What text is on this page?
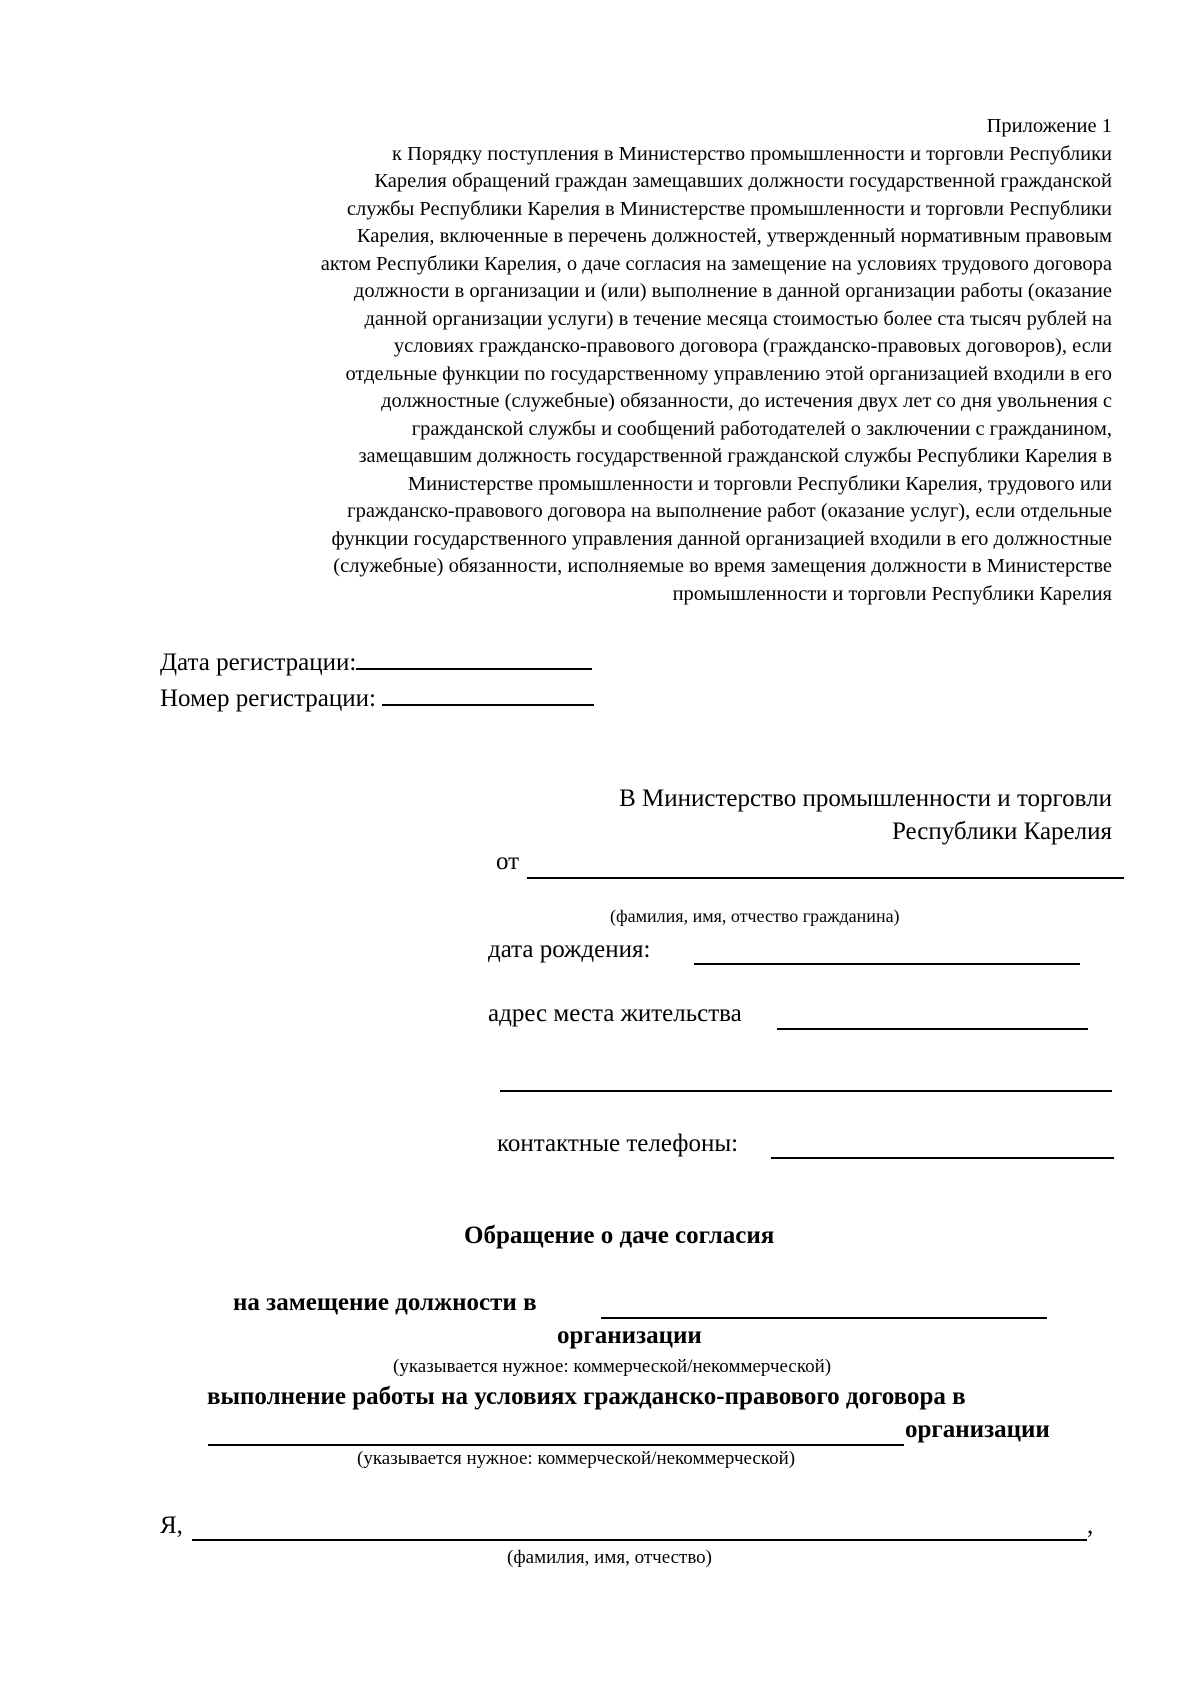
Приложение 1
к Порядку поступления в Министерство промышленности и торговли Республики
Карелия обращений граждан замещавших должности государственной гражданской
службы Республики Карелия в Министерстве промышленности и торговли Республики
Карелия, включенные в перечень должностей, утвержденный нормативным правовым
актом Республики Карелия, о даче согласия на замещение на условиях трудового договора
должности в организации и (или) выполнение в данной организации работы (оказание
данной организации услуги) в течение месяца стоимостью более ста тысяч рублей на
условиях гражданско-правового договора (гражданско-правовых договоров), если
отдельные функции по государственному управлению этой организацией входили в его
должностные (служебные) обязанности, до истечения двух лет со дня увольнения с
гражданской службы и сообщений работодателей о заключении с гражданином,
замещавшим должность государственной гражданской службы Республики Карелия в
Министерстве промышленности и торговли Республики Карелия, трудового или
гражданско-правового договора на выполнение работ (оказание услуг), если отдельные
функции государственного управления данной организацией входили в его должностные
(служебные) обязанности, исполняемые во время замещения должности в Министерстве
промышленности и торговли Республики Карелия
Дата регистрации:
Номер регистрации:
В Министерство промышленности и торговли
Республики Карелия
от
(фамилия, имя, отчество гражданина)
дата рождения:
адрес места жительства
контактные телефоны:
Обращение о даче согласия
на замещение должности в
организации
(указывается нужное: коммерческой/некоммерческой)
выполнение работы на условиях гражданско-правового договора в
организации
(указывается нужное: коммерческой/некоммерческой)
Я,	,
(фамилия, имя, отчество)
